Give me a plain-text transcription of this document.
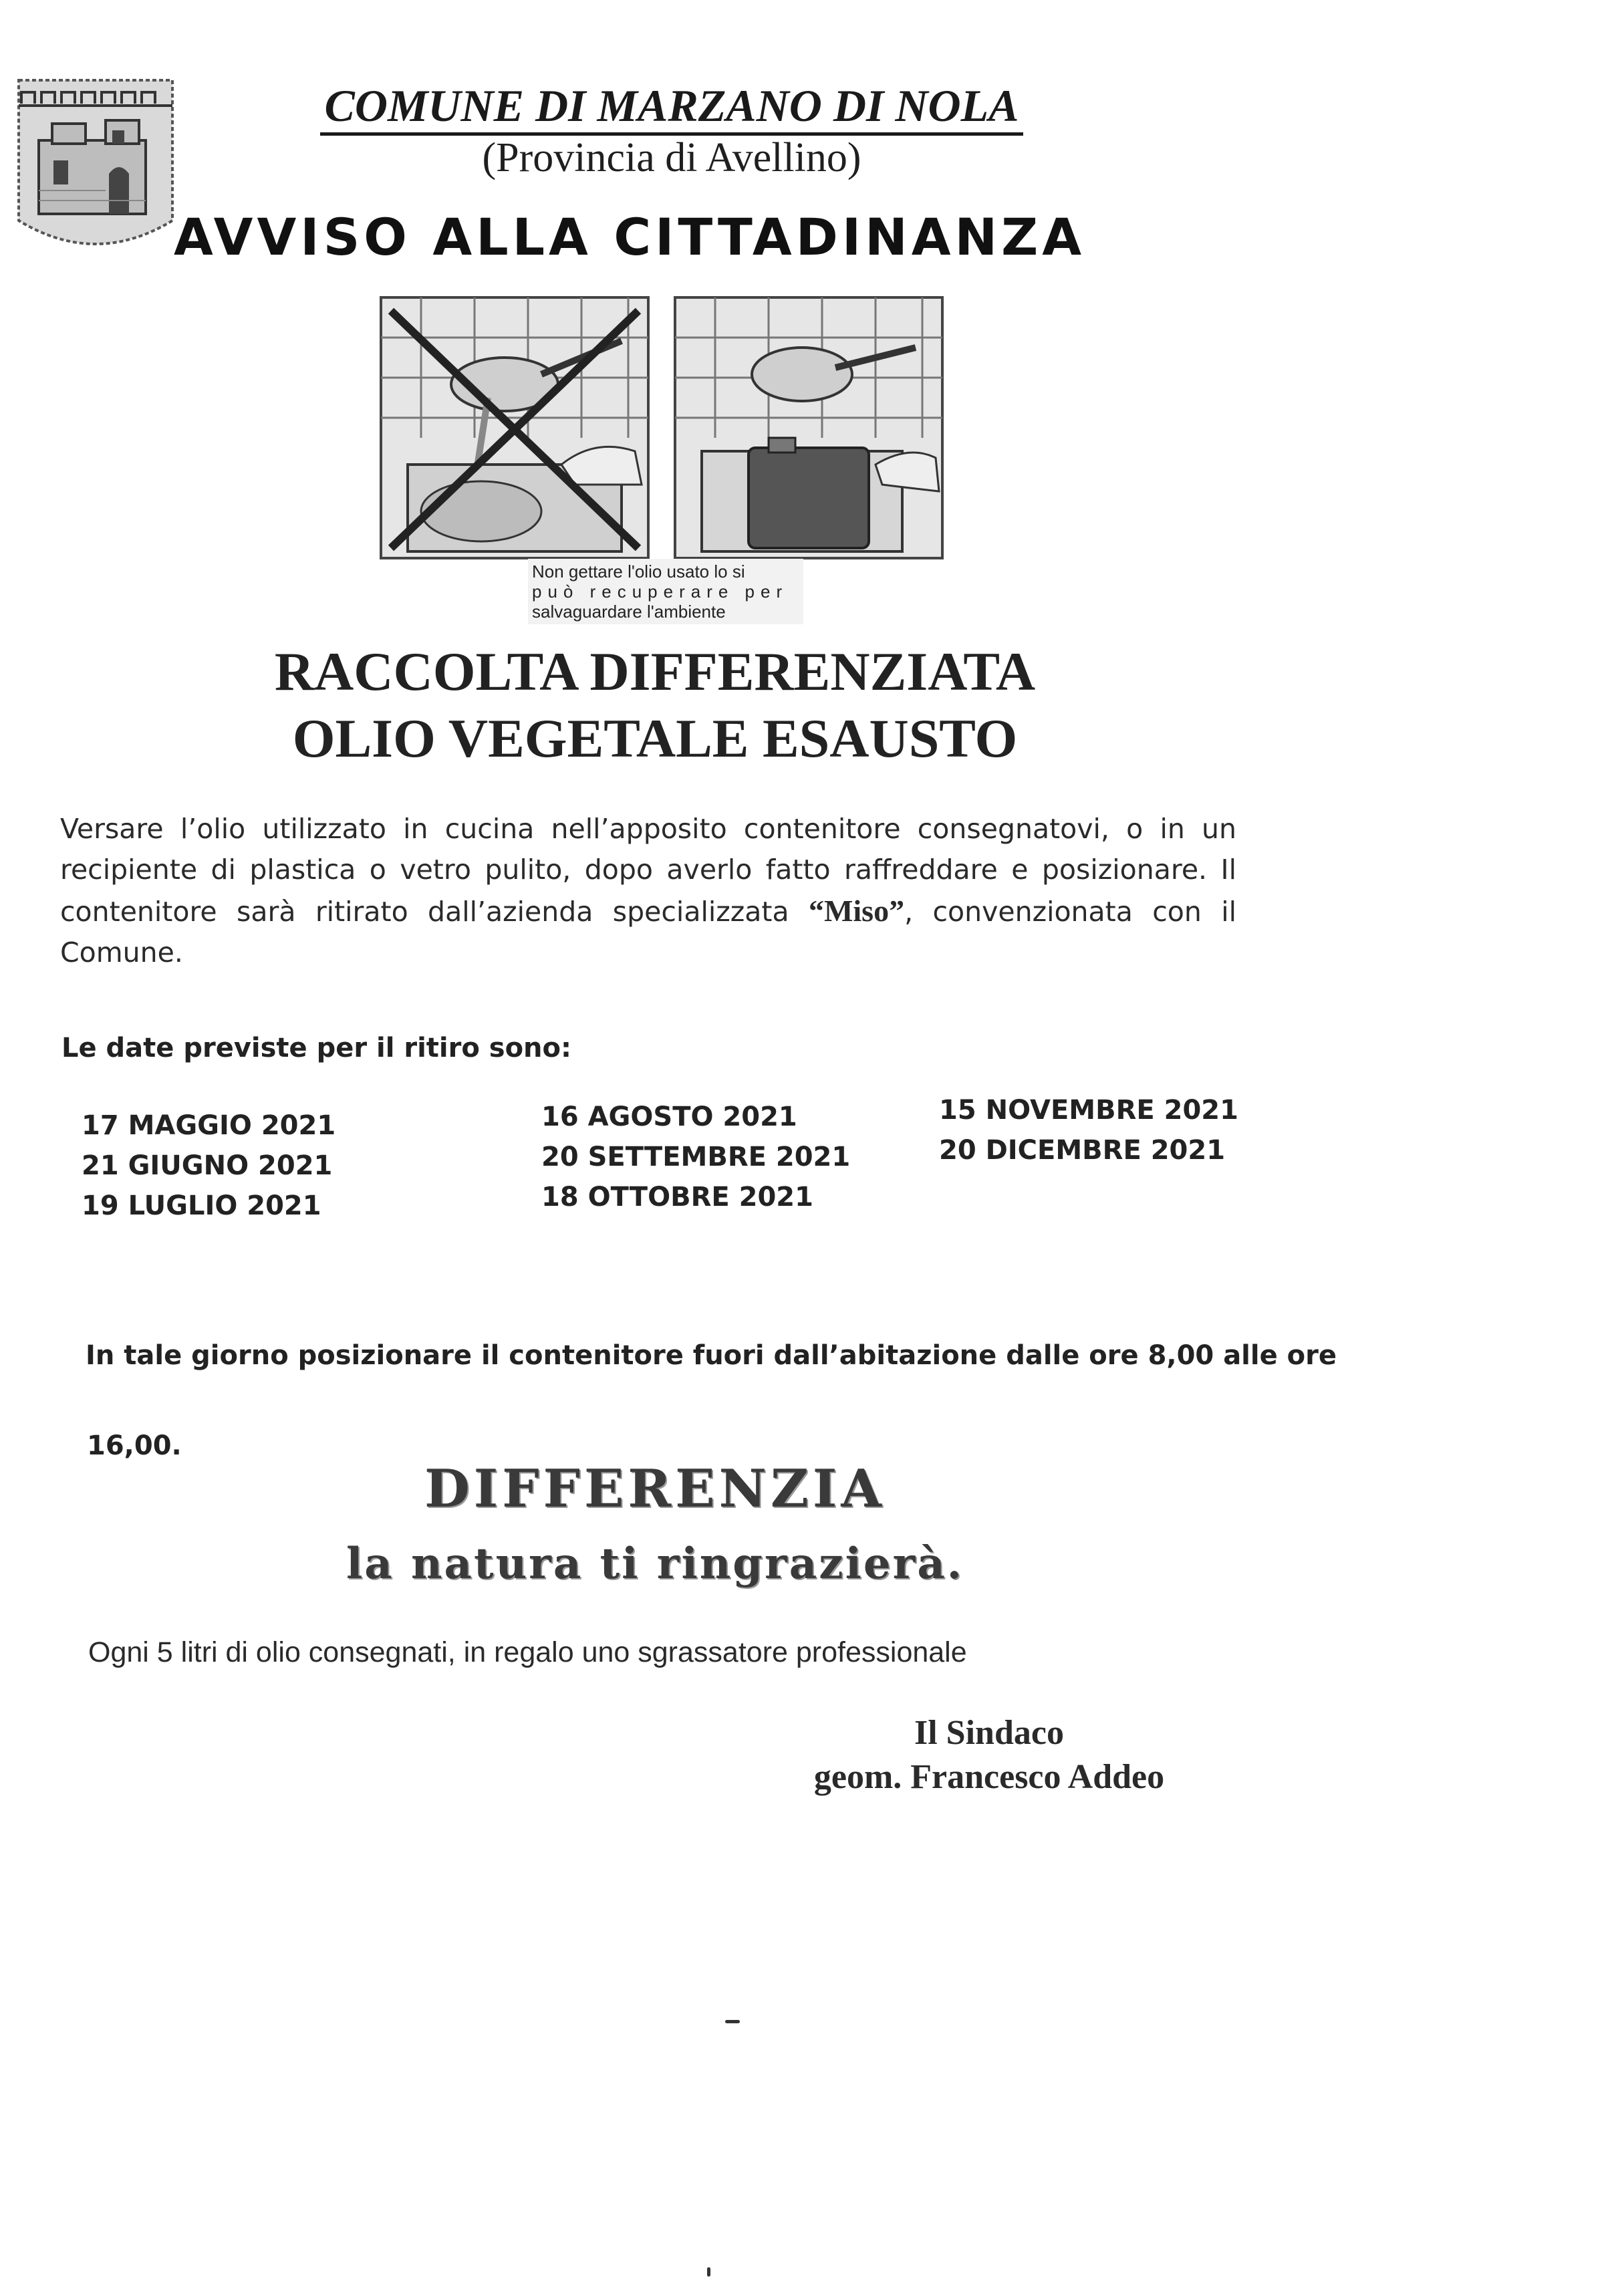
COMUNE DI MARZANO DI NOLA
(Provincia di Avellino)
AVVISO ALLA CITTADINANZA
Non gettare l'olio usato lo si
può recuperare per
salvaguardare l'ambiente
RACCOLTA DIFFERENZIATA
OLIO VEGETALE ESAUSTO
Versare l’olio utilizzato in cucina nell’apposito contenitore consegnatovi, o in un recipiente di plastica o vetro pulito, dopo averlo fatto raffreddare e posizionare. Il contenitore sarà ritirato dall’azienda specializzata “Miso”, convenzionata con il Comune.
Le date previste per il ritiro sono:
17 MAGGIO 2021
21 GIUGNO 2021
19 LUGLIO 2021
16 AGOSTO 2021
20 SETTEMBRE 2021
18 OTTOBRE 2021
15 NOVEMBRE 2021
20 DICEMBRE 2021
In tale giorno posizionare il contenitore fuori dall’abitazione dalle ore 8,00 alle ore
16,00.
DIFFERENZIA
la natura ti ringrazierà.
Ogni 5 litri di olio consegnati, in regalo uno sgrassatore professionale
Il Sindaco
geom. Francesco Addeo
